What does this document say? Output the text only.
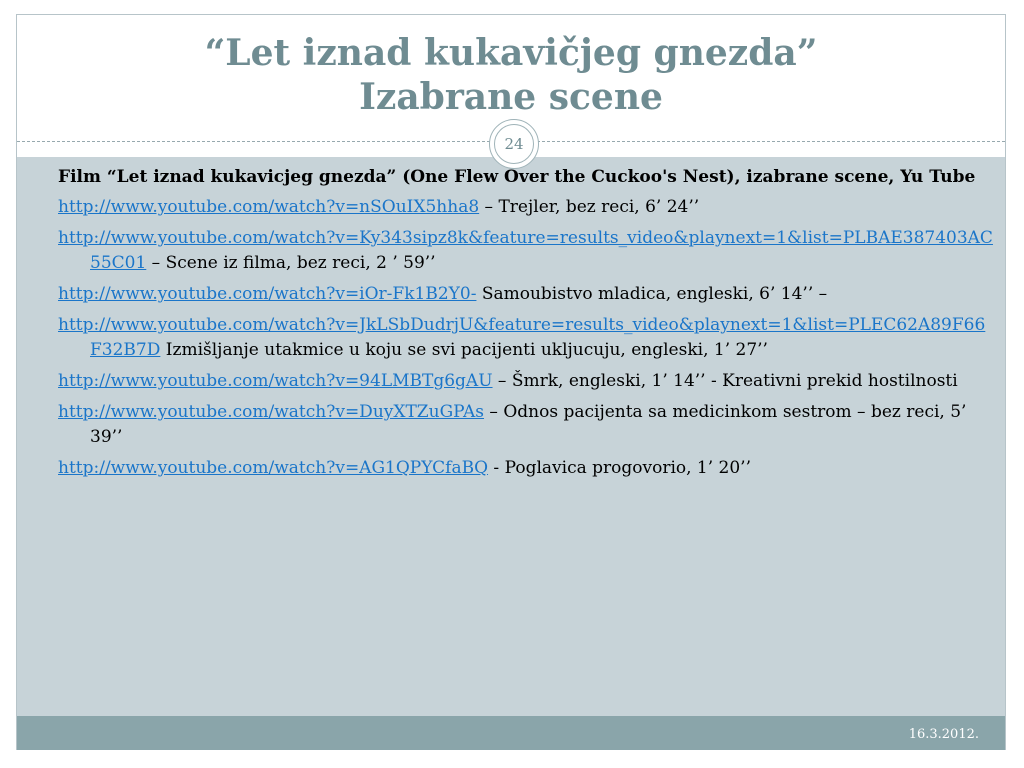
“Let iznad kukavičjeg gnezda”
Izabrane scene
24
Film “Let iznad kukavicjeg gnezda” (One Flew Over the Cuckoo's Nest), izabrane scene, Yu Tube
http://www.youtube.com/watch?v=nSOuIX5hha8 – Trejler, bez reci, 6’ 24’’
http://www.youtube.com/watch?v=Ky343sipz8k&feature=results_video&playnext=1&list=PLBAE387403AC55C01 – Scene iz filma, bez reci, 2 ’ 59’’
http://www.youtube.com/watch?v=iOr-Fk1B2Y0- Samoubistvo mladica, engleski, 6’ 14’’ –
http://www.youtube.com/watch?v=JkLSbDudrjU&feature=results_video&playnext=1&list=PLEC62A89F66F32B7D Izmišljanje utakmice u koju se svi pacijenti ukljucuju, engleski, 1’ 27’’
http://www.youtube.com/watch?v=94LMBTg6gAU – Šmrk, engleski, 1’ 14’’ - Kreativni prekid hostilnosti
http://www.youtube.com/watch?v=DuyXTZuGPAs – Odnos pacijenta sa medicinkom sestrom – bez reci, 5’ 39’’
http://www.youtube.com/watch?v=AG1QPYCfaBQ - Poglavica progovorio, 1’ 20’’
16.3.2012.
